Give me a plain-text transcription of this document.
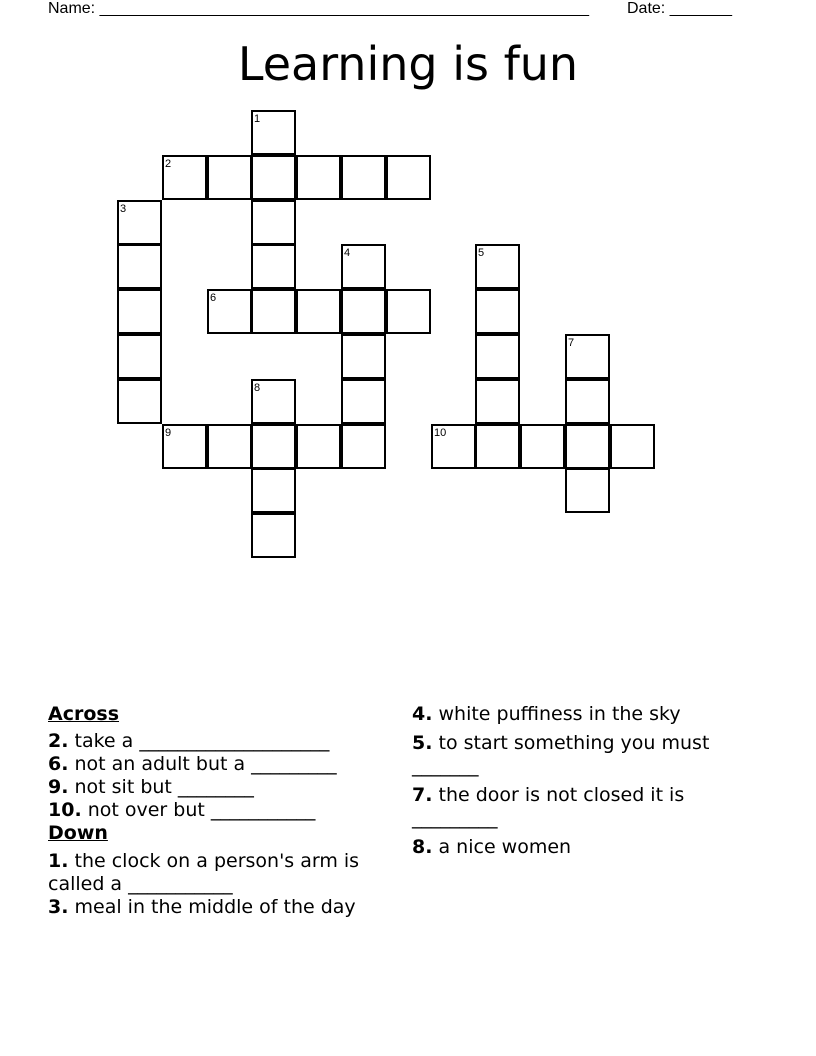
Name: _______________________________________________________ Date: _______
Learning is fun
1
2
3
4	5
6
7
8
9	10
Across

2. take a ____________________

6. not an adult but a _________

9. not sit but ________

10. not over but ___________

Down

1. the clock on a person's arm is called a ___________

3. meal in the middle of the day

4. white puffiness in the sky

5. to start something you must _______

7. the door is not closed it is _________

8. a nice women
